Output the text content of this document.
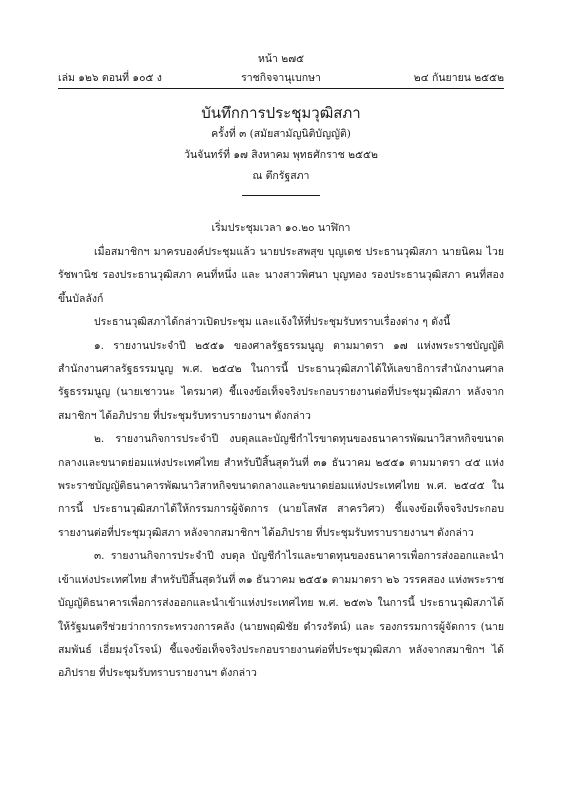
หน้า ๒๗๕
เล่ม ๑๒๖ ตอนที่ ๑๐๕ ง	ราชกิจจานุเบกษา	๒๔ กันยายน ๒๕๕๒
บันทึกการประชุมวุฒิสภา
ครั้งที่ ๓ (สมัยสามัญนิติบัญญัติ)
วันจันทร์ที่ ๑๗ สิงหาคม พุทธศักราช ๒๕๕๒
ณ ตึกรัฐสภา
เริ่มประชุมเวลา ๑๐.๒๐ นาฬิกา

เมื่อสมาชิกฯ มาครบองค์ประชุมแล้ว นายประสพสุข บุญเดช ประธานวุฒิสภา นายนิคม ไวยรัชพานิช รองประธานวุฒิสภา คนที่หนึ่ง และ นางสาวพิศนา บุญทอง รองประธานวุฒิสภา คนที่สอง ขึ้นบัลลังก์

ประธานวุฒิสภาได้กล่าวเปิดประชุม และแจ้งให้ที่ประชุมรับทราบเรื่องต่าง ๆ ดังนี้

๑. รายงานประจำปี ๒๕๕๑ ของศาลรัฐธรรมนูญ ตามมาตรา ๑๗ แห่งพระราชบัญญัติสำนักงานศาลรัฐธรรมนูญ พ.ศ. ๒๕๔๒ ในการนี้ ประธานวุฒิสภาได้ให้เลขาธิการสำนักงานศาลรัฐธรรมนูญ (นายเชาวนะ ไตรมาศ) ชี้แจงข้อเท็จจริงประกอบรายงานต่อที่ประชุมวุฒิสภา หลังจากสมาชิกฯ ได้อภิปราย ที่ประชุมรับทราบรายงานฯ ดังกล่าว

๒. รายงานกิจการประจำปี งบดุลและบัญชีกำไรขาดทุนของธนาคารพัฒนาวิสาหกิจขนาดกลางและขนาดย่อมแห่งประเทศไทย สำหรับปีสิ้นสุดวันที่ ๓๑ ธันวาคม ๒๕๕๑ ตามมาตรา ๔๕ แห่งพระราชบัญญัติธนาคารพัฒนาวิสาหกิจขนาดกลางและขนาดย่อมแห่งประเทศไทย พ.ศ. ๒๕๔๕ ในการนี้ ประธานวุฒิสภาได้ให้กรรมการผู้จัดการ (นายโสฬส สาครวิศว) ชี้แจงข้อเท็จจริงประกอบรายงานต่อที่ประชุมวุฒิสภา หลังจากสมาชิกฯ ได้อภิปราย ที่ประชุมรับทราบรายงานฯ ดังกล่าว

๓. รายงานกิจการประจำปี งบดุล บัญชีกำไรและขาดทุนของธนาคารเพื่อการส่งออกและนำเข้าแห่งประเทศไทย สำหรับปีสิ้นสุดวันที่ ๓๑ ธันวาคม ๒๕๕๑ ตามมาตรา ๒๖ วรรคสอง แห่งพระราชบัญญัติธนาคารเพื่อการส่งออกและนำเข้าแห่งประเทศไทย พ.ศ. ๒๕๓๖ ในการนี้ ประธานวุฒิสภาได้ให้รัฐมนตรีช่วยว่าการกระทรวงการคลัง (นายพฤฒิชัย ดำรงรัตน์) และ รองกรรมการผู้จัดการ (นายสมพันธ์ เอี่ยมรุ่งโรจน์) ชี้แจงข้อเท็จจริงประกอบรายงานต่อที่ประชุมวุฒิสภา หลังจากสมาชิกฯ ได้อภิปราย ที่ประชุมรับทราบรายงานฯ ดังกล่าว
